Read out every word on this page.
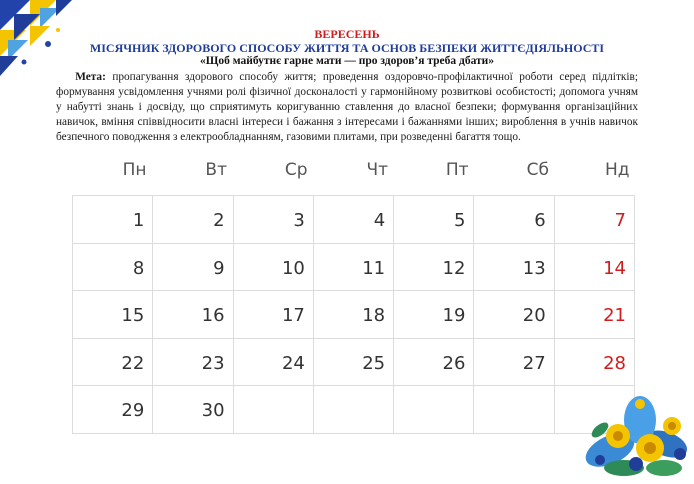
ВЕРЕСЕНЬ
МІСЯЧНИК ЗДОРОВОГО СПОСОБУ ЖИТТЯ ТА ОСНОВ БЕЗПЕКИ ЖИТТЄДІЯЛЬНОСТІ
«Щоб майбутнє гарне мати — про здоров’я треба дбати»

Мета: пропагування здорового способу життя; проведення оздоровчо-профілактичної роботи серед підлітків; формування усвідомлення учнями ролі фізичної досконалості у гармонійному розвиткові особистості; допомога учням у набутті знань і досвіду, що сприятимуть коригуванню ставлення до власної безпеки; формування організаційних навичок, вміння співвідносити власні інтереси і бажання з інтересами і бажаннями інших; вироблення в учнів навичок безпечного поводження з електрообладнанням, газовими плитами, при розведенні багаття тощо.

Пн	Вт	Ср	Чт	Пт	Сб	Нд
1	2	3	4	5	6	7
8	9	10	11	12	13	14
15	16	17	18	19	20	21
22	23	24	25	26	27	28
29	30
